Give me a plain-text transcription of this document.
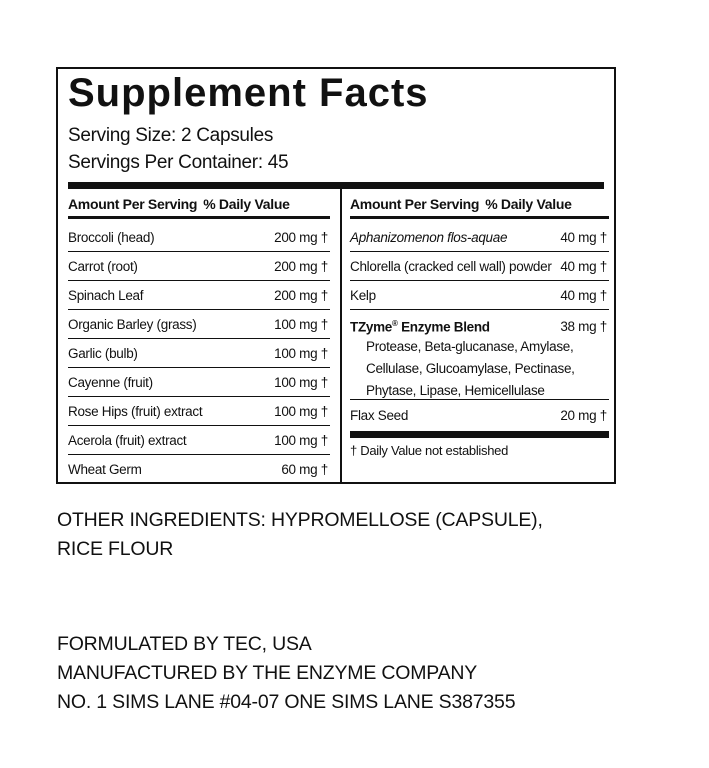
Supplement Facts
Serving Size: 2 Capsules
Servings Per Container: 45
Amount Per Serving % Daily Value
Broccoli (head)	200 mg †
Carrot (root)	200 mg †
Spinach Leaf	200 mg †
Organic Barley (grass)	100 mg †
Garlic (bulb)	100 mg †
Cayenne (fruit)	100 mg †
Rose Hips (fruit) extract	100 mg †
Acerola (fruit) extract	100 mg †
Wheat Germ	60 mg †
Amount Per Serving % Daily Value
Aphanizomenon flos-aquae	40 mg †
Chlorella (cracked cell wall) powder 40 mg †
Kelp	40 mg †
TZyme® Enzyme Blend	38 mg †
Protease, Beta-glucanase, Amylase,
Cellulase, Glucoamylase, Pectinase,
Phytase, Lipase, Hemicellulase
Flax Seed	20 mg †
† Daily Value not established
OTHER INGREDIENTS: HYPROMELLOSE (CAPSULE),
RICE FLOUR
FORMULATED BY TEC, USA
MANUFACTURED BY THE ENZYME COMPANY
NO. 1 SIMS LANE #04-07 ONE SIMS LANE S387355
